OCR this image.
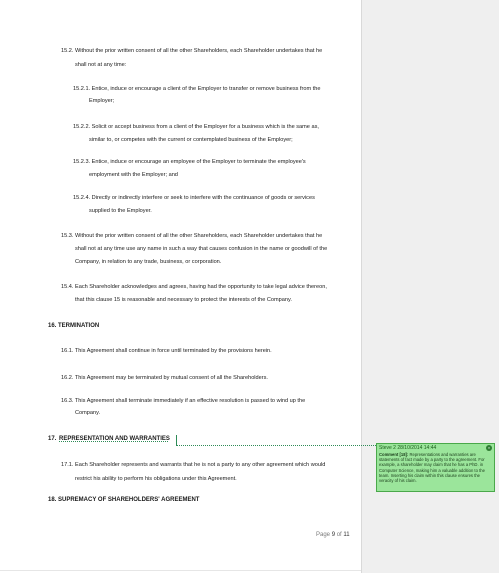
15.2. Without the prior written consent of all the other Shareholders, each Shareholder undertakes that he
shall not at any time:
15.2.1. Entice, induce or encourage a client of the Employer to transfer or remove business from the
Employer;
15.2.2. Solicit or accept business from a client of the Employer for a business which is the same as,
similar to, or competes with the current or contemplated business of the Employer;
15.2.3. Entice, induce or encourage an employee of the Employer to terminate the employee's
employment with the Employer; and
15.2.4. Directly or indirectly interfere or seek to interfere with the continuance of goods or services
supplied to the Employer.
15.3. Without the prior written consent of all the other Shareholders, each Shareholder undertakes that he
shall not at any time use any name in such a way that causes confusion in the name or goodwill of the
Company, in relation to any trade, business, or corporation.
15.4. Each Shareholder acknowledges and agrees, having had the opportunity to take legal advice thereon,
that this clause 15 is reasonable and necessary to protect the interests of the Company.
16. TERMINATION
16.1. This Agreement shall continue in force until terminated by the provisions herein.
16.2. This Agreement may be terminated by mutual consent of all the Shareholders.
16.3. This Agreement shall terminate immediately if an effective resolution is passed to wind up the
Company.
17. REPRESENTATION AND WARRANTIES
17.1. Each Shareholder represents and warrants that he is not a party to any other agreement which would
restrict his ability to perform his obligations under this Agreement.
18. SUPREMACY OF SHAREHOLDERS' AGREEMENT
Page 9 of 11
Steve 2 28/10/2014 14:44	×
Comment [18]: Representations and warranties are statements of fact made by a party to the agreement. For example, a shareholder may claim that he has a PhD. in Computer Science, making him a valuable addition to the team. Inserting his claim within this clause ensures the veracity of his claim.
